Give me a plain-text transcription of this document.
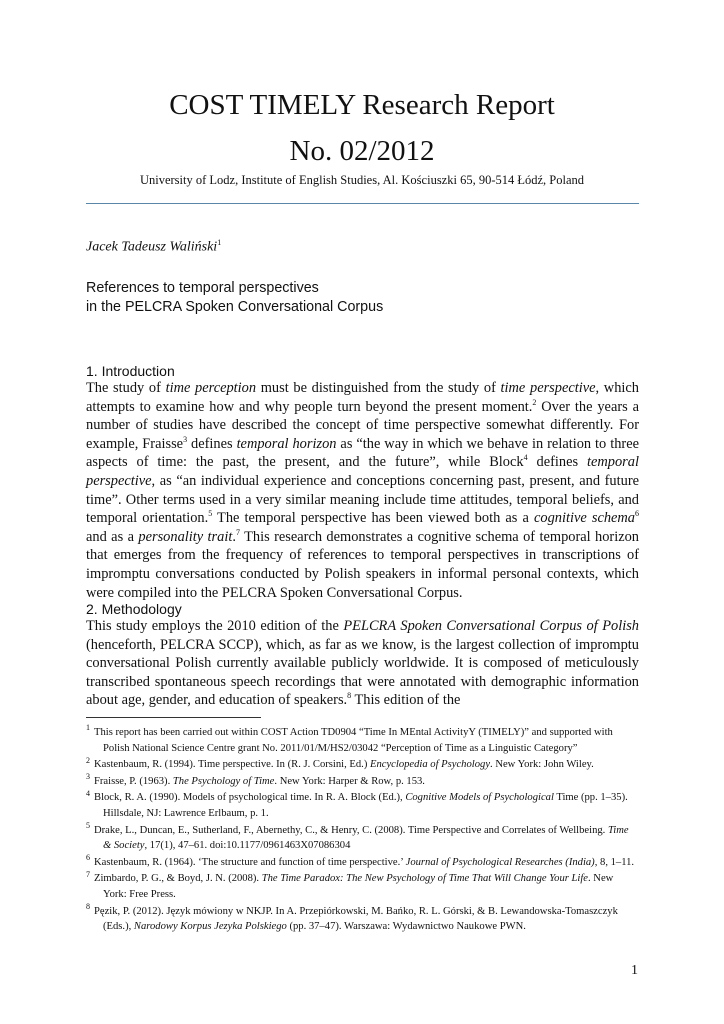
COST TIMELY Research Report
No. 02/2012
University of Lodz, Institute of English Studies, Al. Kościuszki 65, 90-514 Łódź, Poland
Jacek Tadeusz Waliński$^1$
References to temporal perspectives
in the PELCRA Spoken Conversational Corpus
1. Introduction
The study of time perception must be distinguished from the study of time perspective, which attempts to examine how and why people turn beyond the present moment.$^2$ Over the years a number of studies have described the concept of time perspective somewhat differently. For example, Fraisse$^3$ defines temporal horizon as “the way in which we behave in relation to three aspects of time: the past, the present, and the future”, while Block$^4$ defines temporal perspective, as “an individual experience and conceptions concerning past, present, and future time”. Other terms used in a very similar meaning include time attitudes, temporal beliefs, and temporal orientation.$^5$ The temporal perspective has been viewed both as a cognitive schema$^6$ and as a personality trait.$^7$ This research demonstrates a cognitive schema of temporal horizon that emerges from the frequency of references to temporal perspectives in transcriptions of impromptu conversations conducted by Polish speakers in informal personal contexts, which were compiled into the PELCRA Spoken Conversational Corpus.
2. Methodology
This study employs the 2010 edition of the PELCRA Spoken Conversational Corpus of Polish (henceforth, PELCRA SCCP), which, as far as we know, is the largest collection of impromptu conversational Polish currently available publicly worldwide. It is composed of meticulously transcribed spontaneous speech recordings that were annotated with demographic information about age, gender, and education of speakers.$^8$ This edition of the
$^1$ This report has been carried out within COST Action TD0904 “Time In MEntal ActivityY (TIMELY)” and supported with Polish National Science Centre grant No. 2011/01/M/HS2/03042 “Perception of Time as a Linguistic Category”
$^2$ Kastenbaum, R. (1994). Time perspective. In (R. J. Corsini, Ed.) Encyclopedia of Psychology. New York: John Wiley.
$^3$ Fraisse, P. (1963). The Psychology of Time. New York: Harper & Row, p. 153.
$^4$ Block, R. A. (1990). Models of psychological time. In R. A. Block (Ed.), Cognitive Models of Psychological Time (pp. 1–35). Hillsdale, NJ: Lawrence Erlbaum, p. 1.
$^5$ Drake, L., Duncan, E., Sutherland, F., Abernethy, C., & Henry, C. (2008). Time Perspective and Correlates of Wellbeing. Time & Society, 17(1), 47–61. doi:10.1177/0961463X07086304
$^6$ Kastenbaum, R. (1964). ‘The structure and function of time perspective.’ Journal of Psychological Researches (India), 8, 1–11.
$^7$ Zimbardo, P. G., & Boyd, J. N. (2008). The Time Paradox: The New Psychology of Time That Will Change Your Life. New York: Free Press.
$^8$ Pęzik, P. (2012). Język mówiony w NKJP. In A. Przepiórkowski, M. Bańko, R. L. Górski, & B. Lewandowska-Tomaszczyk (Eds.), Narodowy Korpus Jezyka Polskiego (pp. 37–47). Warszawa: Wydawnictwo Naukowe PWN.
1
